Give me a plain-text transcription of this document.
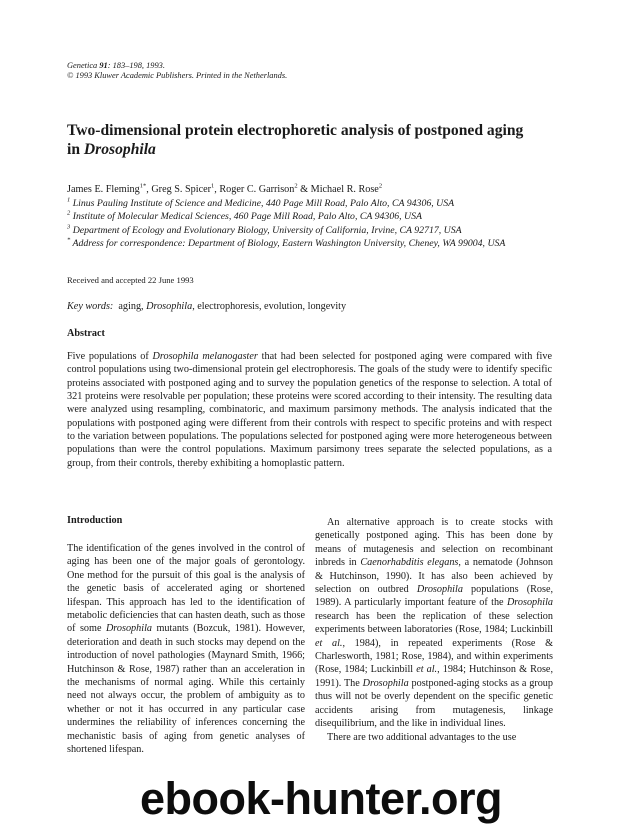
Genetica 91: 183–198, 1993.
© 1993 Kluwer Academic Publishers. Printed in the Netherlands.
Two-dimensional protein electrophoretic analysis of postponed aging
in Drosophila
James E. Fleming$^{1*}$, Greg S. Spicer$^1$, Roger C. Garrison$^2$ & Michael R. Rose$^2$

$^1$ Linus Pauling Institute of Science and Medicine, 440 Page Mill Road, Palo Alto, CA 94306, USA

$^2$ Institute of Molecular Medical Sciences, 460 Page Mill Road, Palo Alto, CA 94306, USA

$^3$ Department of Ecology and Evolutionary Biology, University of California, Irvine, CA 92717, USA

* Address for correspondence: Department of Biology, Eastern Washington University, Cheney, WA 99004, USA

Received and accepted 22 June 1993
Key words: aging, Drosophila, electrophoresis, evolution, longevity
Abstract

Five populations of Drosophila melanogaster that had been selected for postponed aging were compared with five control populations using two-dimensional protein gel electrophoresis. The goals of the study were to identify specific proteins associated with postponed aging and to survey the population genetics of the response to selection. A total of 321 proteins were resolvable per population; these proteins were scored according to their intensity. The resulting data were analyzed using resampling, combinatoric, and maximum parsimony methods. The analysis indicated that the populations with postponed aging were different from their controls with respect to specific proteins and with respect to the variation between populations. The populations selected for postponed aging were more heterogeneous between populations than were the control populations. Maximum parsimony trees separate the selected populations, as a group, from their controls, thereby exhibiting a homoplastic pattern.

Introduction

The identification of the genes involved in the control of aging has been one of the major goals of gerontology. One method for the pursuit of this goal is the analysis of the genetic basis of accelerated aging or shortened lifespan. This approach has led to the identification of metabolic deficiencies that can hasten death, such as those of some Drosophila mutants (Bozcuk, 1981). However, deterioration and death in such stocks may depend on the introduction of novel pathologies (Maynard Smith, 1966; Hutchinson & Rose, 1987) rather than an acceleration in the mechanisms of normal aging. While this certainly need not always occur, the problem of ambiguity as to whether or not it has occurred in any particular case undermines the reliability of inferences concerning the mechanistic basis of aging from genetic analyses of shortened lifespan.

An alternative approach is to create stocks with genetically postponed aging. This has been done by means of mutagenesis and selection on recombinant inbreds in Caenorhabditis elegans, a nematode (Johnson & Hutchinson, 1990). It has also been achieved by selection on outbred Drosophila populations (Rose, 1989). A particularly important feature of the Drosophila research has been the replication of these selection experiments between laboratories (Rose, 1984; Luckinbill et al., 1984), in repeated experiments (Rose & Charlesworth, 1981; Rose, 1984), and within experiments (Rose, 1984; Luckinbill et al., 1984; Hutchinson & Rose, 1991). The Drosophila postponed-aging stocks as a group thus will not be overly dependent on the specific genetic accidents arising from mutagenesis, linkage disequilibrium, and the like in individual lines.

There are two additional advantages to the use

ebook-hunter.org
